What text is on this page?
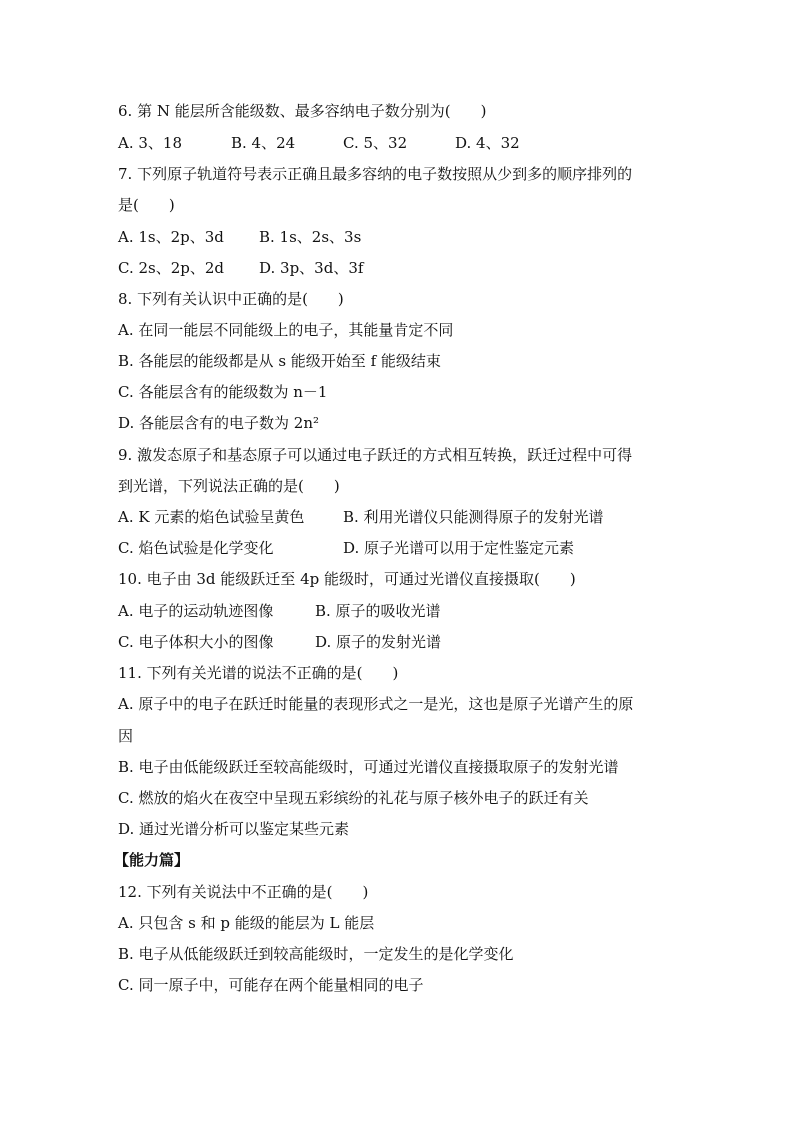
6. 第 N 能层所含能级数、最多容纳电子数分别为(　　)
A. 3、18	B. 4、24	C. 5、32	D. 4、32
7. 下列原子轨道符号表示正确且最多容纳的电子数按照从少到多的顺序排列的
是(　　)
A. 1s、2p、3d B. 1s、2s、3s
C. 2s、2p、2d D. 3p、3d、3f
8. 下列有关认识中正确的是(　　)
A. 在同一能层不同能级上的电子，其能量肯定不同
B. 各能层的能级都是从 s 能级开始至 f 能级结束
C. 各能层含有的能级数为 n－1
D. 各能层含有的电子数为 2n²
9. 激发态原子和基态原子可以通过电子跃迁的方式相互转换，跃迁过程中可得
到光谱，下列说法正确的是(　　)
A. K 元素的焰色试验呈黄色	B. 利用光谱仪只能测得原子的发射光谱
C. 焰色试验是化学变化	D. 原子光谱可以用于定性鉴定元素
10. 电子由 3d 能级跃迁至 4p 能级时，可通过光谱仪直接摄取(　　)
A. 电子的运动轨迹图像	B. 原子的吸收光谱
C. 电子体积大小的图像	D. 原子的发射光谱
11. 下列有关光谱的说法不正确的是(　　)
A. 原子中的电子在跃迁时能量的表现形式之一是光，这也是原子光谱产生的原
因
B. 电子由低能级跃迁至较高能级时，可通过光谱仪直接摄取原子的发射光谱
C. 燃放的焰火在夜空中呈现五彩缤纷的礼花与原子核外电子的跃迁有关
D. 通过光谱分析可以鉴定某些元素
【能力篇】
12. 下列有关说法中不正确的是(　　)
A. 只包含 s 和 p 能级的能层为 L 能层
B. 电子从低能级跃迁到较高能级时，一定发生的是化学变化
C. 同一原子中，可能存在两个能量相同的电子
